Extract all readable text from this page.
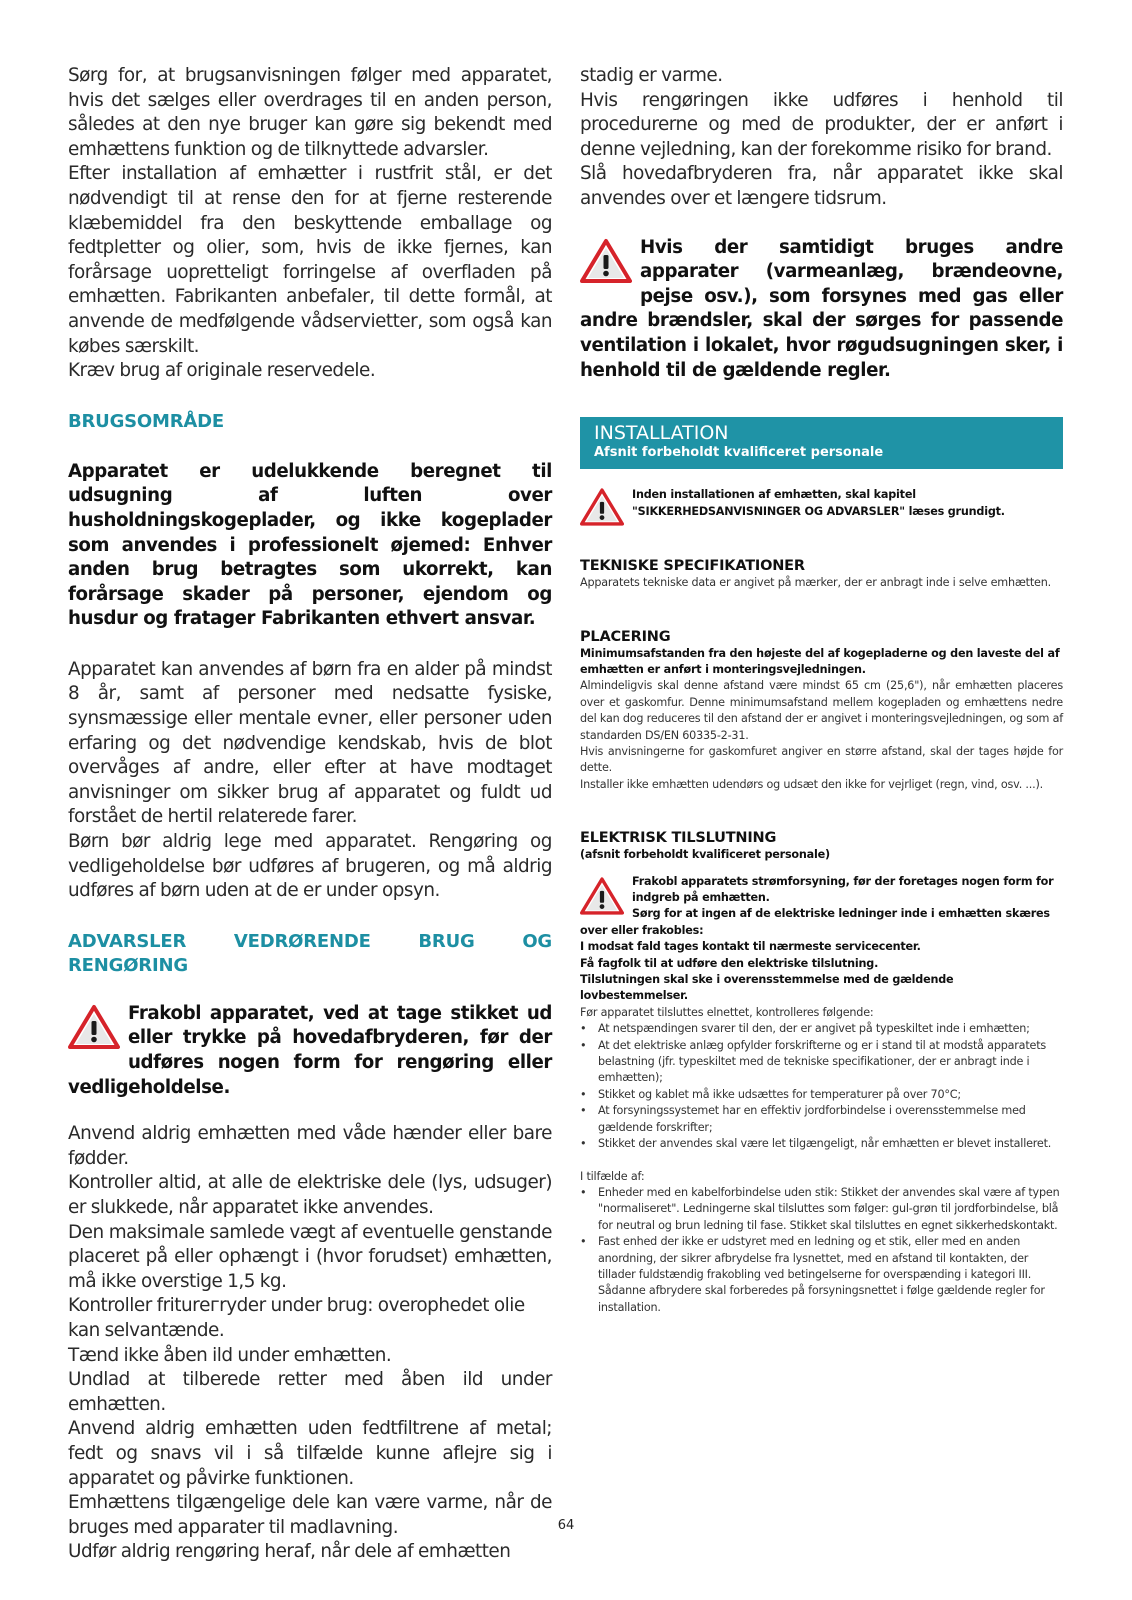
Sørg for, at brugsanvisningen følger med apparatet, hvis det sælges eller overdrages til en anden person, således at den nye bruger kan gøre sig bekendt med emhættens funktion og de tilknyttede advarsler.

Efter installation af emhætter i rustfrit stål, er det nødvendigt til at rense den for at fjerne resterende klæbemiddel fra den beskyttende emballage og fedtpletter og olier, som, hvis de ikke fjernes, kan forårsage uopretteligt forringelse af overfladen på emhætten. Fabrikanten anbefaler, til dette formål, at anvende de medfølgende vådservietter, som også kan købes særskilt.

Kræv brug af originale reservedele.

BRUGSOMRÅDE

Apparatet er udelukkende beregnet til udsugning af luften over husholdningskogeplader, og ikke kogeplader som anvendes i professionelt øjemed: Enhver anden brug betragtes som ukorrekt, kan forårsage skader på personer, ejendom og husdur og fratager Fabrikanten ethvert ansvar.

Apparatet kan anvendes af børn fra en alder på mindst 8 år, samt af personer med nedsatte fysiske, synsmæssige eller mentale evner, eller personer uden erfaring og det nødvendige kendskab, hvis de blot overvåges af andre, eller efter at have modtaget anvisninger om sikker brug af apparatet og fuldt ud forstået de hertil relaterede farer.

Børn bør aldrig lege med apparatet. Rengøring og vedligeholdelse bør udføres af brugeren, og må aldrig udføres af børn uden at de er under opsyn.

ADVARSLER VEDRØRENDE BRUG OG RENGØRING

Frakobl apparatet, ved at tage stikket ud eller trykke på hovedafbryderen, før der udføres nogen form for rengøring eller vedligeholdelse.

Anvend aldrig emhætten med våde hænder eller bare fødder.

Kontroller altid, at alle de elektriske dele (lys, udsuger) er slukkede, når apparatet ikke anvendes.

Den maksimale samlede vægt af eventuelle genstande placeret på eller ophængt i (hvor forudset) emhætten, må ikke overstige 1,5 kg.

Kontroller friturегryder under brug: overophedet olie kan selvantænde.

Tænd ikke åben ild under emhætten.

Undlad at tilberede retter med åben ild under emhætten.

Anvend aldrig emhætten uden fedtfiltrene af metal; fedt og snavs vil i så tilfælde kunne aflejre sig i apparatet og påvirke funktionen.

Emhættens tilgængelige dele kan være varme, når de bruges med apparater til madlavning.

Udfør aldrig rengøring heraf, når dele af emhætten

stadig er varme.

Hvis rengøringen ikke udføres i henhold til procedurerne og med de produkter, der er anført i denne vejledning, kan der forekomme risiko for brand.

Slå hovedafbryderen fra, når apparatet ikke skal anvendes over et længere tidsrum.

Hvis der samtidigt bruges andre apparater (varmeanlæg, brændeovne, pejse osv.), som forsynes med gas eller andre brændsler, skal der sørges for passende ventilation i lokalet, hvor røgudsugningen sker, i henhold til de gældende regler.

INSTALLATION

Afsnit forbeholdt kvalificeret personale

Inden installationen af emhætten, skal kapitel "SIKKERHEDSANVISNINGER OG ADVARSLER" læses grundigt.

TEKNISKE SPECIFIKATIONER

Apparatets tekniske data er angivet på mærker, der er anbragt inde i selve emhætten.

PLACERING

Minimumsafstanden fra den højeste del af kogepladerne og den laveste del af emhætten er anført i monteringsvejledningen.

Almindeligvis skal denne afstand være mindst 65 cm (25,6"), når emhætten placeres over et gaskomfur. Denne minimumsafstand mellem kogepladen og emhættens nedre del kan dog reduceres til den afstand der er angivet i monteringsvejledningen, og som af standarden DS/EN 60335-2-31.

Hvis anvisningerne for gaskomfuret angiver en større afstand, skal der tages højde for dette.

Installer ikke emhætten udendørs og udsæt den ikke for vejrliget (regn, vind, osv. ...).

ELEKTRISK TILSLUTNING

(afsnit forbeholdt kvalificeret personale)

Frakobl apparatets strømforsyning, før der foretages nogen form for indgreb på emhætten.

Sørg for at ingen af de elektriske ledninger inde i emhætten skæres over eller frakobles:

I modsat fald tages kontakt til nærmeste servicecenter.

Få fagfolk til at udføre den elektriske tilslutning.

Tilslutningen skal ske i overensstemmelse med de gældende lovbestemmelser.

Før apparatet tilsluttes elnettet, kontrolleres følgende:

• At netspændingen svarer til den, der er angivet på typeskiltet inde i emhætten;
• At det elektriske anlæg opfylder forskrifterne og er i stand til at modstå apparatets belastning (jfr. typeskiltet med de tekniske specifikationer, der er anbragt inde i emhætten);
• Stikket og kablet må ikke udsættes for temperaturer på over 70°C;
• At forsyningssystemet har en effektiv jordforbindelse i overensstemmelse med gældende forskrifter;
• Stikket der anvendes skal være let tilgængeligt, når emhætten er blevet installeret.

I tilfælde af:

• Enheder med en kabelforbindelse uden stik: Stikket der anvendes skal være af typen "normaliseret". Ledningerne skal tilsluttes som følger: gul-grøn til jordforbindelse, blå for neutral og brun ledning til fase. Stikket skal tilsluttes en egnet sikkerhedskontakt.
• Fast enhed der ikke er udstyret med en ledning og et stik, eller med en anden anordning, der sikrer afbrydelse fra lysnettet, med en afstand til kontakten, der tillader fuldstændig frakobling ved betingelserne for overspænding i kategori III.

Sådanne afbrydere skal forberedes på forsyningsnettet i følge gældende regler for installation.

64
